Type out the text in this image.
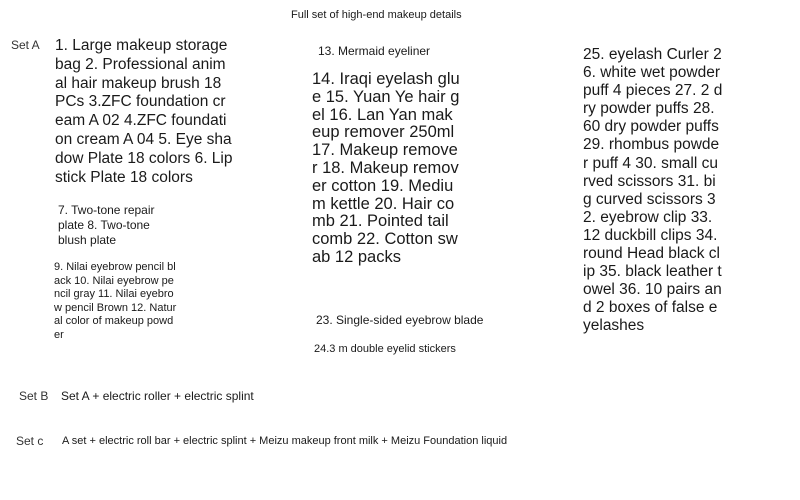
Full set of high-end makeup details
Set A 1. Large makeup storage bag 2. Professional animal hair makeup brush 18 PCs 3.ZFC foundation cream A 02 4.ZFC foundation cream A 04 5. Eye shadow Plate 18 colors 6. Lipstick Plate 18 colors
7. Two-tone repair plate 8. Two-tone blush plate
9. Nilai eyebrow pencil black 10. Nilai eyebrow pencil gray 11. Nilai eyebrow pencil Brown 12. Natural color of makeup powder
13. Mermaid eyeliner
14. Iraqi eyelash glue 15. Yuan Ye hair gel 16. Lan Yan makeup remover 250ml 17. Makeup remover 18. Makeup remover cotton 19. Medium kettle 20. Hair comb 21. Pointed tail comb 22. Cotton swab 12 packs
23. Single-sided eyebrow blade
24.3 m double eyelid stickers
25. eyelash Curler 26. white wet powder puff 4 pieces 27. 2 dry powder puffs 28.60 dry powder puffs 29. rhombus powder puff 4 30. small curved scissors 31. big curved scissors 32. eyebrow clip 33. 12 duckbill clips 34. round Head black clip 35. black leather towel 36. 10 pairs and 2 boxes of false eyelashes
Set B Set A + electric roller + electric splint
Set c A set + electric roll bar + electric splint + Meizu makeup front milk + Meizu Foundation liquid
